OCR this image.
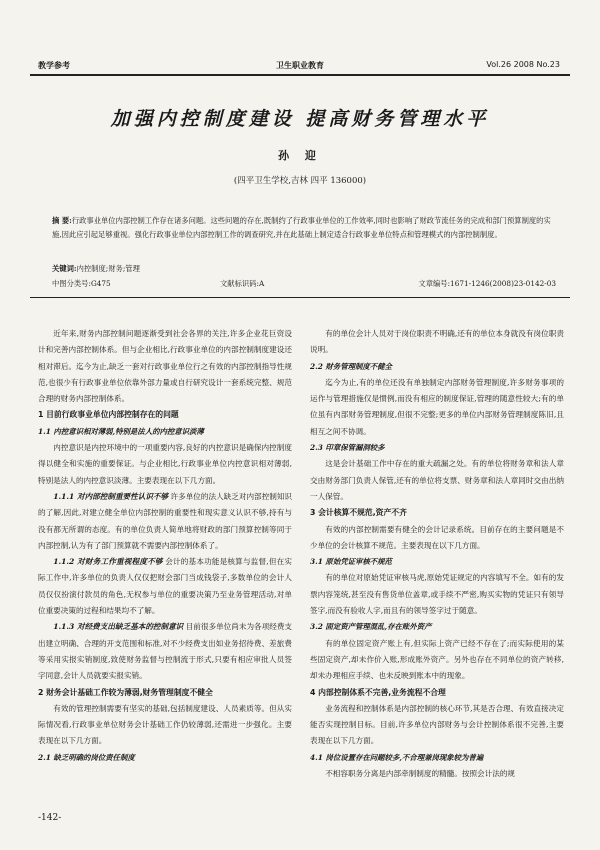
教学参考	卫生职业教育	Vol.26 2008 No.23
加强内控制度建设 提高财务管理水平
孙 迎
(四平卫生学校,吉林 四平 136000)
摘 要:行政事业单位内部控制工作存在诸多问题。这些问题的存在,既制约了行政事业单位的工作效率,同时也影响了财政节流任务的完成和部门预算制度的实施,因此应引起足够重视。强化行政事业单位内部控制工作的调查研究,并在此基础上制定适合行政事业单位特点和管理模式的内部控制制度。
关键词:内控制度;财务;管理
中图分类号:G475	文献标识码:A	文章编号:1671-1246(2008)23-0142-03

近年来,财务内部控制问题逐渐受到社会各界的关注,许多企业花巨资设计和完善内部控制体系。但与企业相比,行政事业单位的内部控制制度建设还相对滞后。迄今为止,缺乏一套对行政事业单位行之有效的内部控制指导性规范,也很少有行政事业单位依靠外部力量或自行研究设计一套系统完整、规范合理的财务内部控制体系。

1 目前行政事业单位内部控制存在的问题
1.1 内控意识相对薄弱,特别是法人的内控意识淡薄

内控意识是内控环境中的一项重要内容,良好的内控意识是确保内控制度得以健全和实施的重要保证。与企业相比,行政事业单位内控意识相对薄弱,特别是法人的内控意识淡薄。主要表现在以下几方面。

1.1.1 对内部控制重要性认识不够 许多单位的法人缺乏对内部控制知识的了解,因此,对建立健全单位内部控制的重要性和现实意义认识不够,持有与没有都无所谓的态度。有的单位负责人简单地将财政的部门预算控制等同于内部控制,认为有了部门预算就不需要内部控制体系了。

1.1.2 对财务工作重视程度不够 会计的基本功能是核算与监督,但在实际工作中,许多单位的负责人仅仅把财会部门当成钱袋子,多数单位的会计人员仅仅扮演付款员的角色,无权参与单位的重要决策乃至业务管理活动,对单位重要决策的过程和结果均不了解。

1.1.3 对经费支出缺乏基本的控制意识 目前很多单位尚未为各项经费支出建立明确、合理的开支范围和标准,对不少经费支出如业务招待费、差旅费等采用实报实销制度,致使财务监督与控制流于形式,只要有相应审批人员签字同意,会计人员就要实报实销。

2 财务会计基础工作较为薄弱,财务管理制度不健全

有效的管理控制需要有坚实的基础,包括制度建设、人员素质等。但从实际情况看,行政事业单位财务会计基础工作仍较薄弱,还需进一步强化。主要表现在以下几方面。

2.1 缺乏明确的岗位责任制度

有的单位会计人员对于岗位职责不明确,还有的单位本身就没有岗位职责说明。

2.2 财务管理制度不健全

迄今为止,有的单位还没有单独制定内部财务管理制度,许多财务事项的运作与管理措施仅是惯例,而没有相应的制度保证,管理的随意性较大;有的单位虽有内部财务管理制度,但很不完整;更多的单位内部财务管理制度陈旧,且相互之间不协调。

2.3 印章保管漏洞较多

这是会计基础工作中存在的重大疏漏之处。有的单位将财务章和法人章交由财务部门负责人保管,还有的单位将支票、财务章和法人章同时交由出纳一人保管。

3 会计核算不规范,资产不齐

有效的内部控制需要有健全的会计记录系统。目前存在的主要问题是不少单位的会计核算不规范。主要表现在以下几方面。

3.1 原始凭证审核不规范

有的单位对原始凭证审核马虎,原始凭证规定的内容填写不全。如有的发票内容笼统,甚至没有售货单位盖章,或手续不严密,购买实物的凭证只有领导签字,而没有验收人字,而且有的领导签字过于随意。

3.2 固定资产管理混乱,存在账外资产

有的单位固定资产账上有,但实际上资产已经不存在了;而实际使用的某些固定资产,却未作价入账,形成账外资产。另外也存在不同单位的资产转移,却未办理相应手续、也未反映到账本中的现象。

4 内部控制体系不完善,业务流程不合理

业务流程和控制体系是内部控制的核心环节,其是否合理、有效直接决定能否实现控制目标。目前,许多单位内部财务与会计控制体系很不完善,主要表现在以下几方面。

4.1 岗位设置存在问题较多,不合理兼岗现象较为普遍

不相容职务分离是内部牵制制度的精髓。按照会计法的规

-142-
